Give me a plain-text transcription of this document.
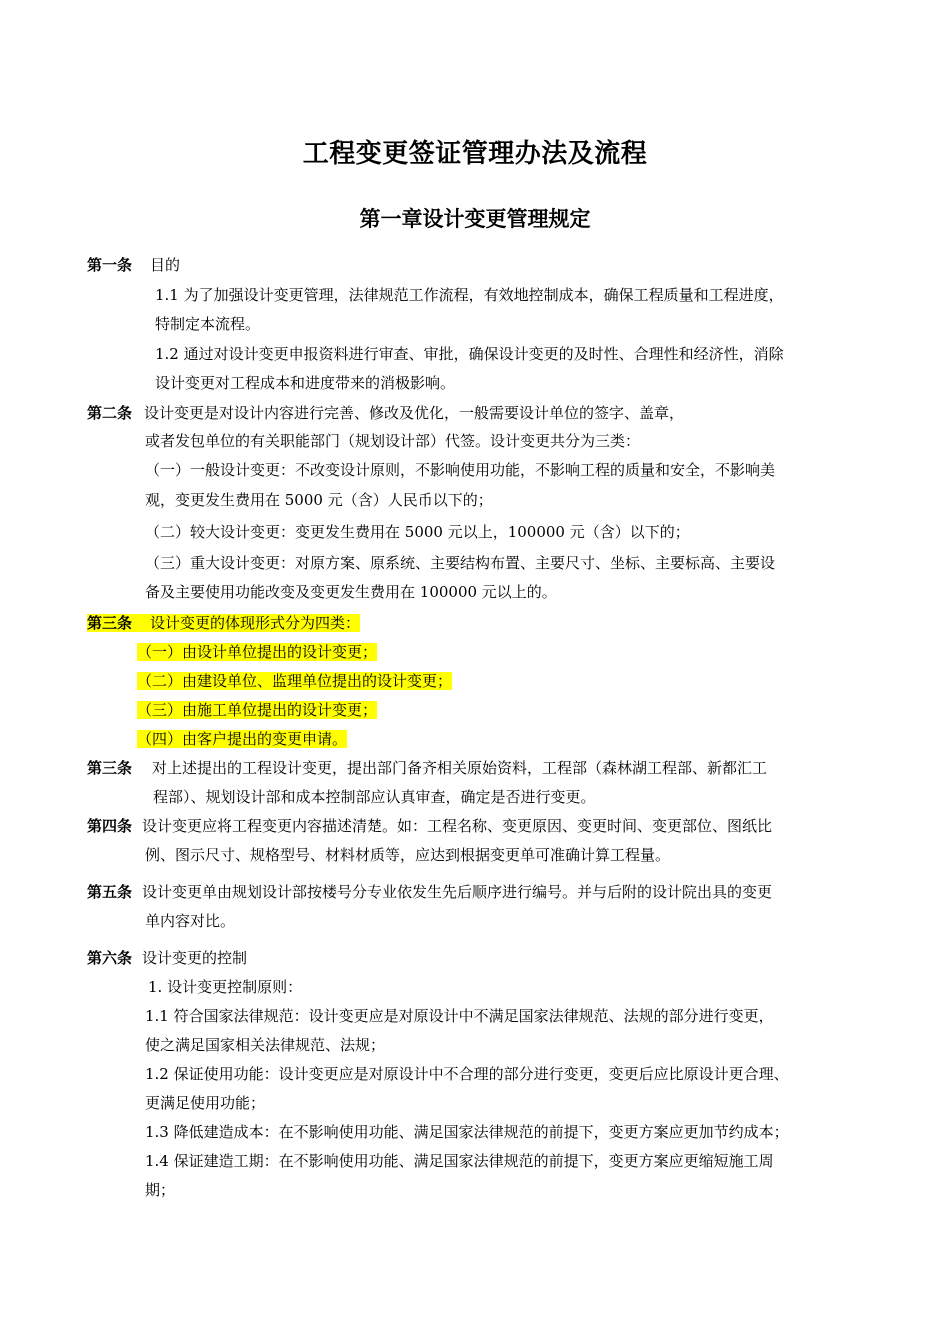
工程变更签证管理办法及流程
第一章设计变更管理规定
第一条 目的
1.1 为了加强设计变更管理，法律规范工作流程，有效地控制成本，确保工程质量和工程进度，
特制定本流程。
1.2 通过对设计变更申报资料进行审查、审批，确保设计变更的及时性、合理性和经济性，消除
设计变更对工程成本和进度带来的消极影响。
第二条 设计变更是对设计内容进行完善、修改及优化，一般需要设计单位的签字、盖章，
或者发包单位的有关职能部门（规划设计部）代签。设计变更共分为三类：
（一）一般设计变更：不改变设计原则，不影响使用功能，不影响工程的质量和安全，不影响美
观，变更发生费用在 5000 元（含）人民币以下的；
（二）较大设计变更：变更发生费用在 5000 元以上，100000 元（含）以下的；
（三）重大设计变更：对原方案、原系统、主要结构布置、主要尺寸、坐标、主要标高、主要设
备及主要使用功能改变及变更发生费用在 100000 元以上的。
第三条 设计变更的体现形式分为四类：
（一）由设计单位提出的设计变更；
（二）由建设单位、监理单位提出的设计变更；
（三）由施工单位提出的设计变更；
（四）由客户提出的变更申请。
第三条 对上述提出的工程设计变更，提出部门备齐相关原始资料，工程部（森林湖工程部、新都汇工
程部）、规划设计部和成本控制部应认真审查，确定是否进行变更。
第四条 设计变更应将工程变更内容描述清楚。如：工程名称、变更原因、变更时间、变更部位、图纸比
例、图示尺寸、规格型号、材料材质等，应达到根据变更单可准确计算工程量。
第五条 设计变更单由规划设计部按楼号分专业依发生先后顺序进行编号。并与后附的设计院出具的变更
单内容对比。
第六条 设计变更的控制
1. 设计变更控制原则：
1.1 符合国家法律规范：设计变更应是对原设计中不满足国家法律规范、法规的部分进行变更，
使之满足国家相关法律规范、法规；
1.2 保证使用功能：设计变更应是对原设计中不合理的部分进行变更，变更后应比原设计更合理、
更满足使用功能；
1.3 降低建造成本：在不影响使用功能、满足国家法律规范的前提下，变更方案应更加节约成本；
1.4 保证建造工期：在不影响使用功能、满足国家法律规范的前提下，变更方案应更缩短施工周
期；
